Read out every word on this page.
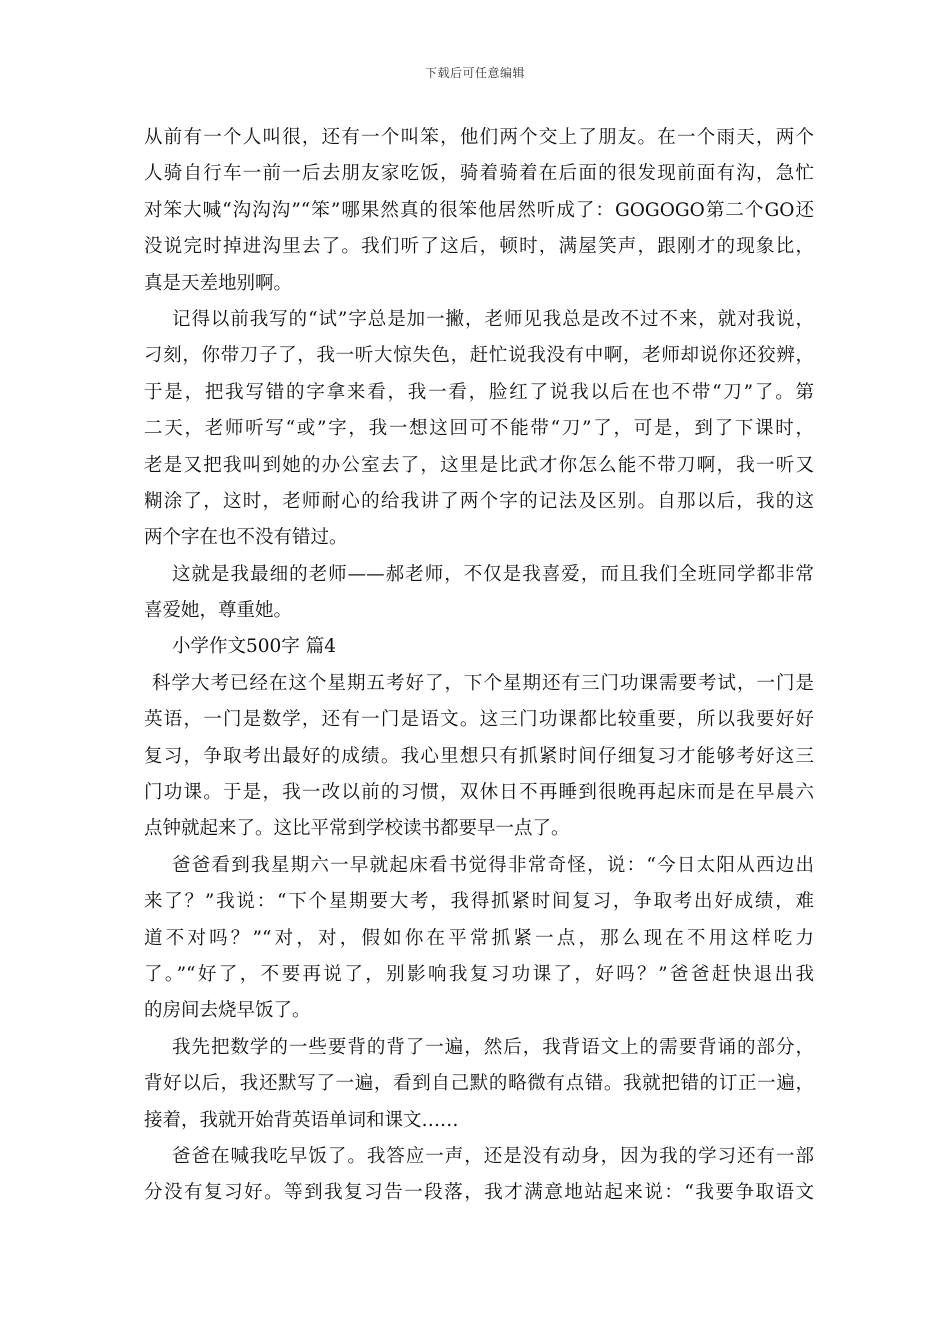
下载后可任意编辑

从前有一个人叫很，还有一个叫笨，他们两个交上了朋友。在一个雨天，两个
人骑自行车一前一后去朋友家吃饭，骑着骑着在后面的很发现前面有沟，急忙
对笨大喊“沟沟沟”“笨”哪果然真的很笨他居然听成了：GOGOGO第二个GO还
没说完时掉进沟里去了。我们听了这后，顿时，满屋笑声，跟刚才的现象比，
真是天差地别啊。

记得以前我写的“试”字总是加一撇，老师见我总是改不过不来，就对我说，
刁刻，你带刀子了，我一听大惊失色，赶忙说我没有中啊，老师却说你还狡辨，
于是，把我写错的字拿来看，我一看，脸红了说我以后在也不带“刀”了。第
二天，老师听写“或”字，我一想这回可不能带“刀”了，可是，到了下课时，
老是又把我叫到她的办公室去了，这里是比武才你怎么能不带刀啊，我一听又
糊涂了，这时，老师耐心的给我讲了两个字的记法及区别。自那以后，我的这
两个字在也不没有错过。

这就是我最细的老师——郝老师，不仅是我喜爱，而且我们全班同学都非常
喜爱她，尊重她。

小学作文500字 篇4

科学大考已经在这个星期五考好了，下个星期还有三门功课需要考试，一门是
英语，一门是数学，还有一门是语文。这三门功课都比较重要，所以我要好好
复习，争取考出最好的成绩。我心里想只有抓紧时间仔细复习才能够考好这三
门功课。于是，我一改以前的习惯，双休日不再睡到很晚再起床而是在早晨六
点钟就起来了。这比平常到学校读书都要早一点了。

爸爸看到我星期六一早就起床看书觉得非常奇怪，说：“今日太阳从西边出
来了？”我说：“下个星期要大考，我得抓紧时间复习，争取考出好成绩，难
道不对吗？”“对，对，假如你在平常抓紧一点，那么现在不用这样吃力
了。”“好了，不要再说了，别影响我复习功课了，好吗？”爸爸赶快退出我
的房间去烧早饭了。

我先把数学的一些要背的背了一遍，然后，我背语文上的需要背诵的部分，
背好以后，我还默写了一遍，看到自己默的略微有点错。我就把错的订正一遍，
接着，我就开始背英语单词和课文……

爸爸在喊我吃早饭了。我答应一声，还是没有动身，因为我的学习还有一部
分没有复习好。等到我复习告一段落，我才满意地站起来说：“我要争取语文
